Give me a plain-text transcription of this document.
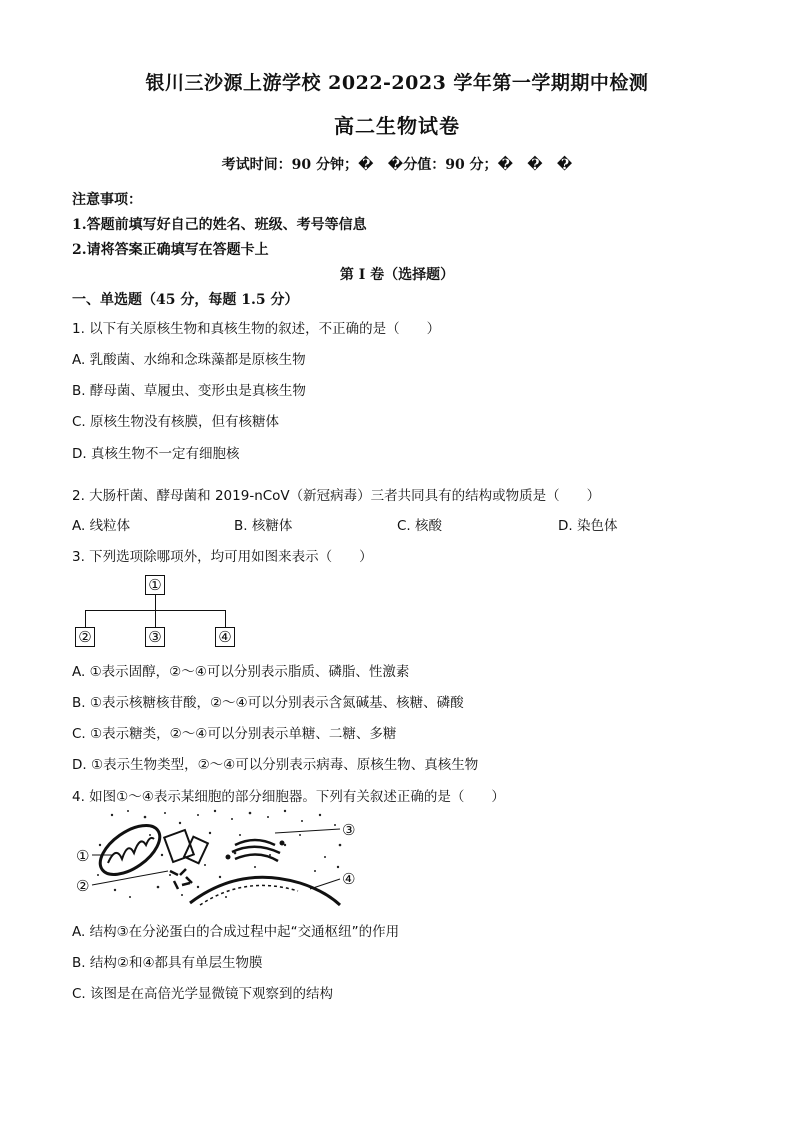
银川三沙源上游学校 2022-2023 学年第一学期期中检测
高二生物试卷
考试时间：90 分钟；�　�分值：90 分；�　�　�
注意事项：
1.答题前填写好自己的姓名、班级、考号等信息
2.请将答案正确填写在答题卡上
第 I 卷（选择题）
一、单选题（45 分，每题 1.5 分）
1. 以下有关原核生物和真核生物的叙述，不正确的是（　　）
A. 乳酸菌、水绵和念珠藻都是原核生物
B. 酵母菌、草履虫、变形虫是真核生物
C. 原核生物没有核膜，但有核糖体
D. 真核生物不一定有细胞核
2. 大肠杆菌、酵母菌和 2019-nCoV（新冠病毒）三者共同具有的结构或物质是（　　）
A. 线粒体	B. 核糖体	C. 核酸	D. 染色体
3. 下列选项除哪项外，均可用如图来表示（　　）
①
②	③	④
A. ①表示固醇，②～④可以分别表示脂质、磷脂、性激素
B. ①表示核糖核苷酸，②～④可以分别表示含氮碱基、核糖、磷酸
C. ①表示糖类，②～④可以分别表示单糖、二糖、多糖
D. ①表示生物类型，②～④可以分别表示病毒、原核生物、真核生物
4. 如图①～④表示某细胞的部分细胞器。下列有关叙述正确的是（　　）
①
②
③
④
A. 结构③在分泌蛋白的合成过程中起“交通枢纽”的作用
B. 结构②和④都具有单层生物膜
C. 该图是在高倍光学显微镜下观察到的结构
